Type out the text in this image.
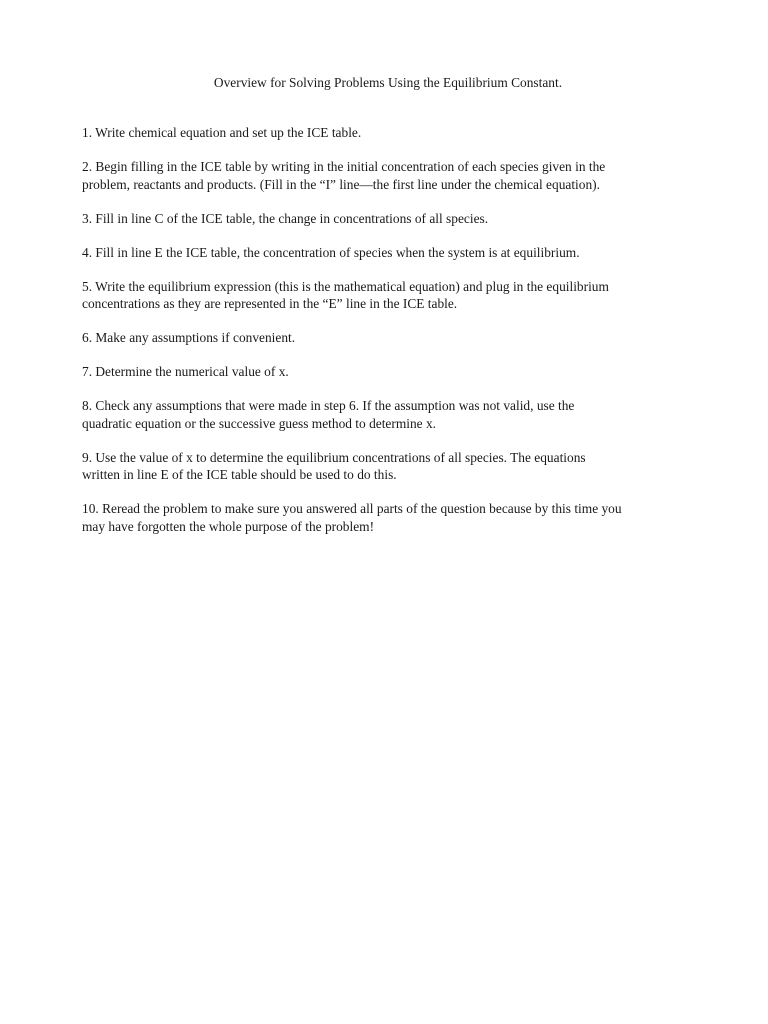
Overview for Solving Problems Using the Equilibrium Constant.

1. Write chemical equation and set up the ICE table.

2. Begin filling in the ICE table by writing in the initial concentration of each species given in the
problem, reactants and products. (Fill in the “I” line—the first line under the chemical equation).

3. Fill in line C of the ICE table, the change in concentrations of all species.

4. Fill in line E the ICE table, the concentration of species when the system is at equilibrium.

5. Write the equilibrium expression (this is the mathematical equation) and plug in the equilibrium
concentrations as they are represented in the “E” line in the ICE table.

6. Make any assumptions if convenient.

7. Determine the numerical value of x.

8. Check any assumptions that were made in step 6. If the assumption was not valid, use the
quadratic equation or the successive guess method to determine x.

9. Use the value of x to determine the equilibrium concentrations of all species. The equations
written in line E of the ICE table should be used to do this.

10. Reread the problem to make sure you answered all parts of the question because by this time you
may have forgotten the whole purpose of the problem!
